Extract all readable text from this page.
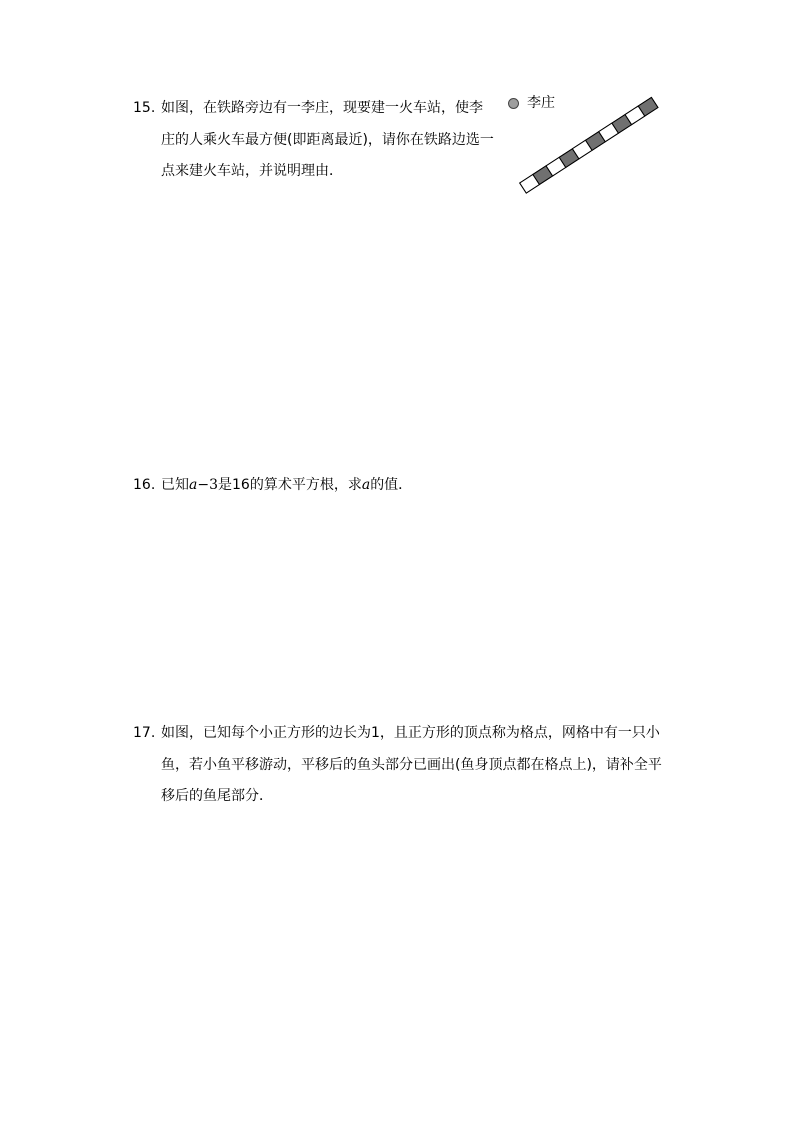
15. 如图，在铁路旁边有一李庄，现要建一火车站，使李
庄的人乘火车最方便(即距离最近)，请你在铁路边选一
点来建火车站，并说明理由．
李庄
16. 已知a−3是16的算术平方根，求a的值．
17. 如图，已知每个小正方形的边长为1，且正方形的顶点称为格点，网格中有一只小
鱼，若小鱼平移游动，平移后的鱼头部分已画出(鱼身顶点都在格点上)，请补全平
移后的鱼尾部分．
